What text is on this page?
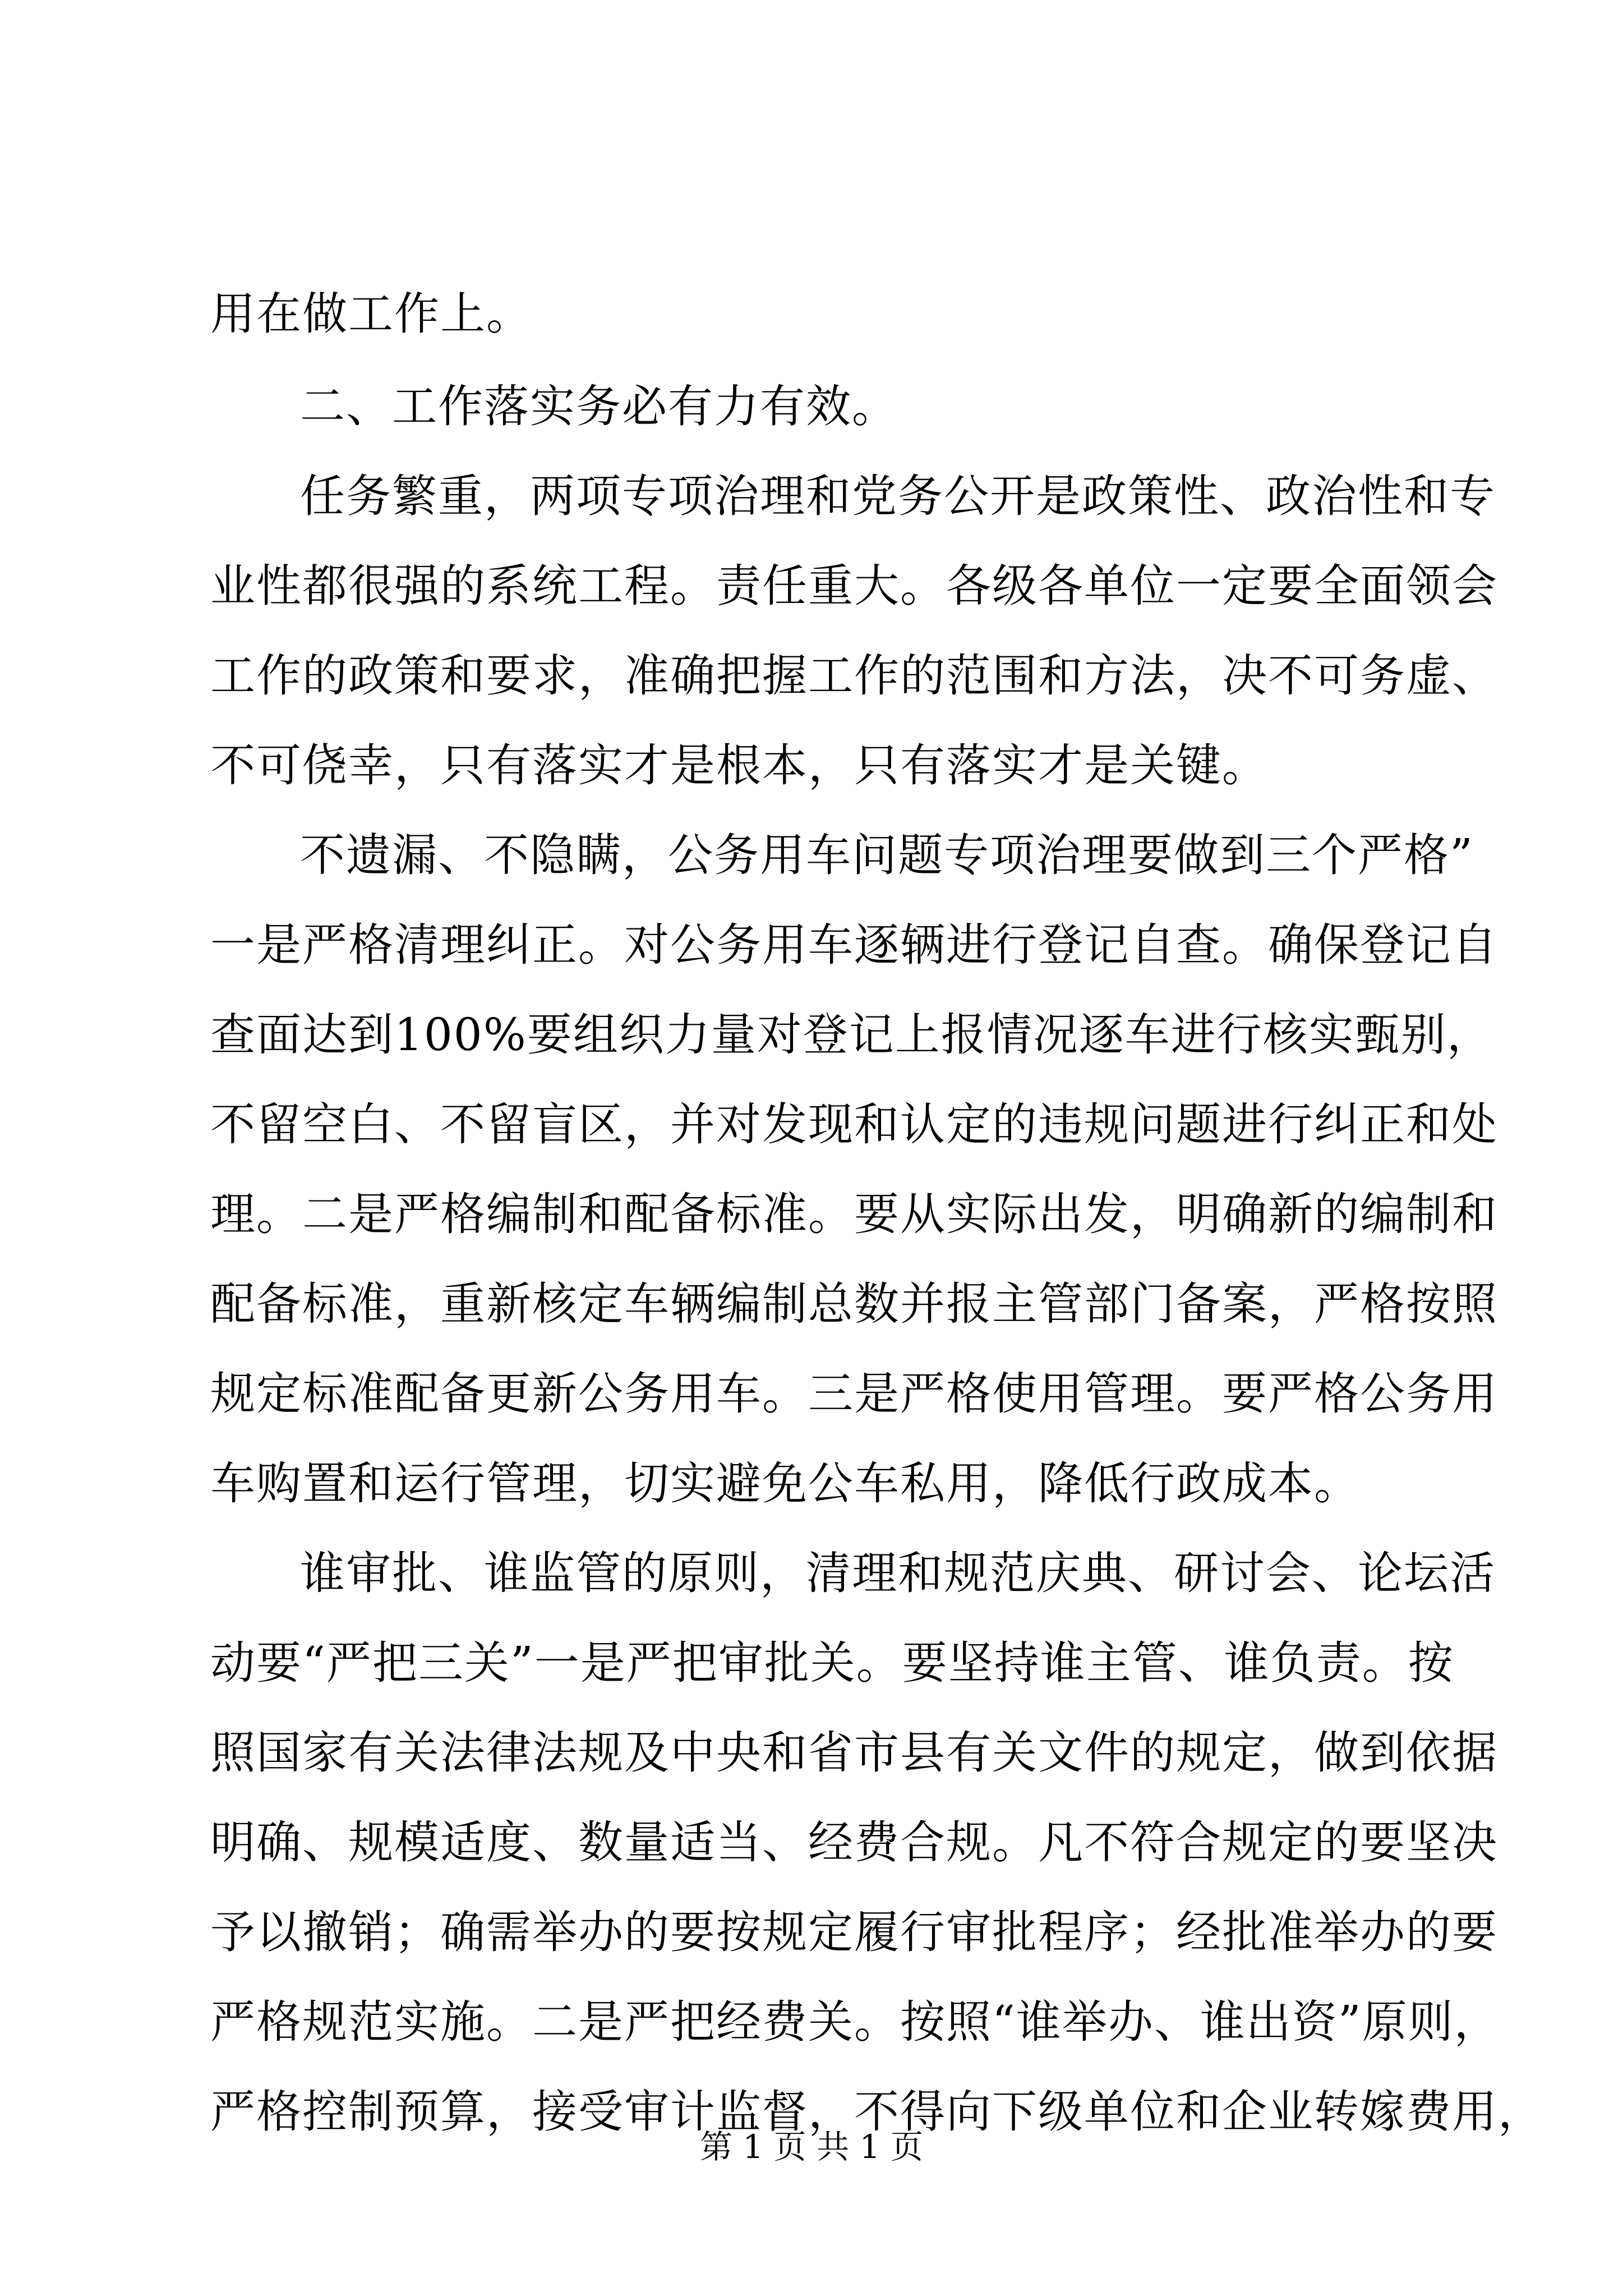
用在做工作上。
二、工作落实务必有力有效。
任务繁重，两项专项治理和党务公开是政策性、政治性和专
业性都很强的系统工程。责任重大。各级各单位一定要全面领会
工作的政策和要求，准确把握工作的范围和方法，决不可务虚、
不可侥幸，只有落实才是根本，只有落实才是关键。
不遗漏、不隐瞒，公务用车问题专项治理要做到三个严格”
一是严格清理纠正。对公务用车逐辆进行登记自查。确保登记自
查面达到100%要组织力量对登记上报情况逐车进行核实甄别，
不留空白、不留盲区，并对发现和认定的违规问题进行纠正和处
理。二是严格编制和配备标准。要从实际出发，明确新的编制和
配备标准，重新核定车辆编制总数并报主管部门备案，严格按照
规定标准配备更新公务用车。三是严格使用管理。要严格公务用
车购置和运行管理，切实避免公车私用，降低行政成本。
谁审批、谁监管的原则，清理和规范庆典、研讨会、论坛活
动要“严把三关”一是严把审批关。要坚持谁主管、谁负责。按
照国家有关法律法规及中央和省市县有关文件的规定，做到依据
明确、规模适度、数量适当、经费合规。凡不符合规定的要坚决
予以撤销；确需举办的要按规定履行审批程序；经批准举办的要
严格规范实施。二是严把经费关。按照“谁举办、谁出资”原则，
严格控制预算，接受审计监督，不得向下级单位和企业转嫁费用，
第 1 页 共 1 页
